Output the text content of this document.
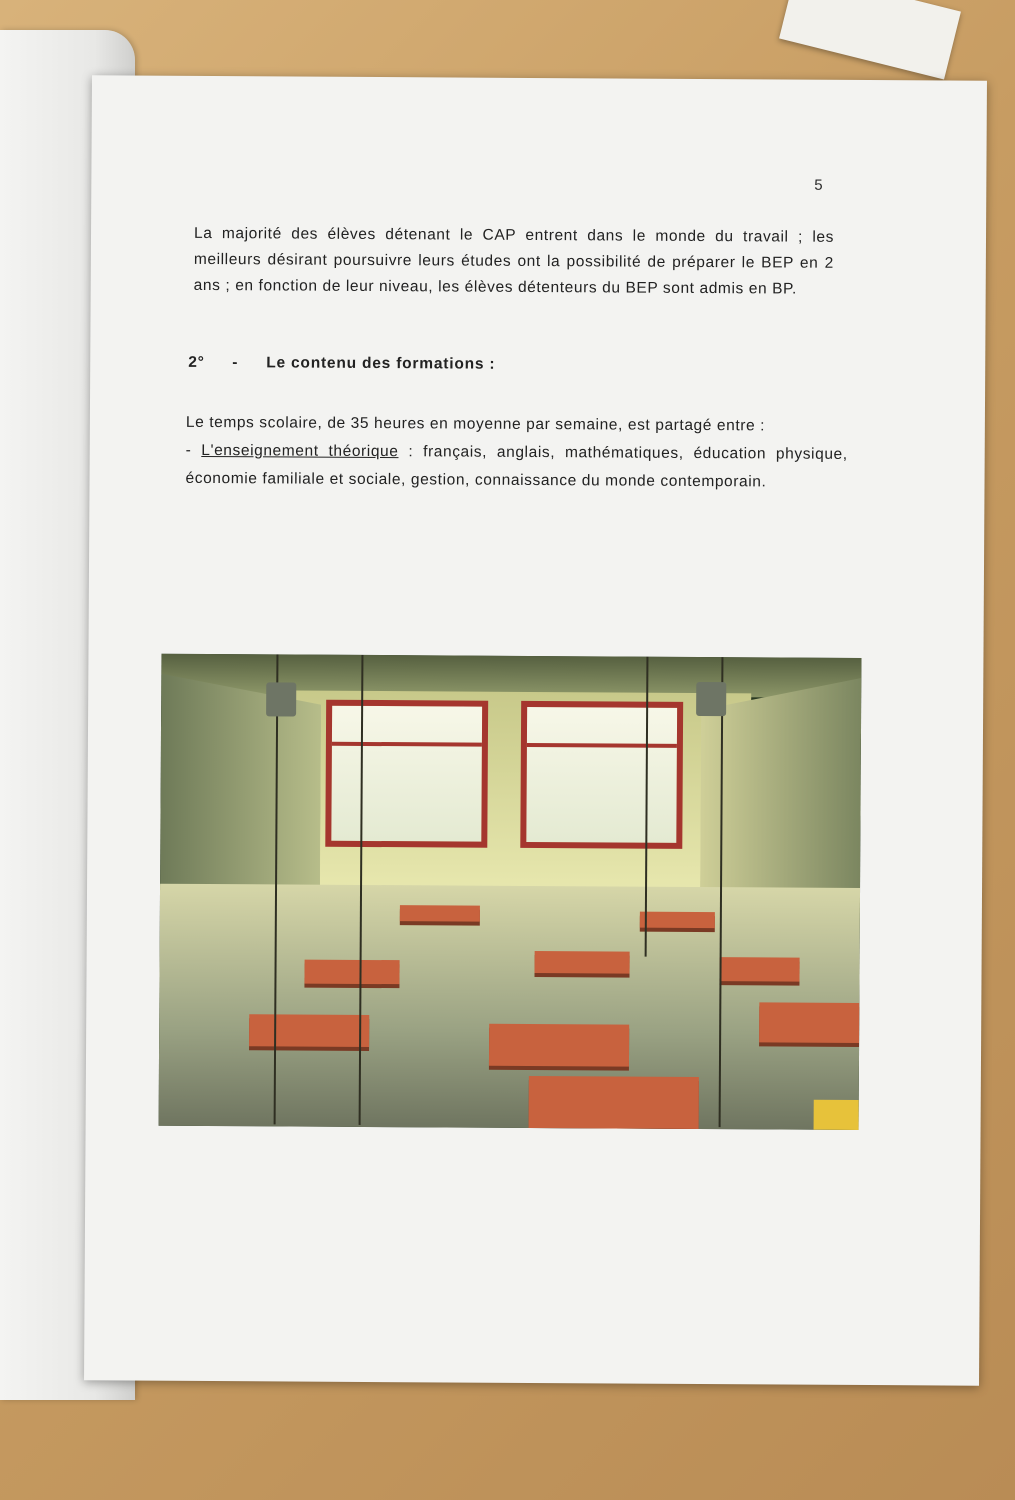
5
La majorité des élèves détenant le CAP entrent dans le monde du travail ; les meilleurs désirant poursuivre leurs études ont la possibilité de préparer le BEP en 2 ans ; en fonction de leur niveau, les élèves détenteurs du BEP sont admis en BP.
2° - Le contenu des formations :
Le temps scolaire, de 35 heures en moyenne par semaine, est partagé entre :
- L'enseignement théorique : français, anglais, mathématiques, éducation physique, économie familiale et sociale, gestion, connaissance du monde contemporain.
